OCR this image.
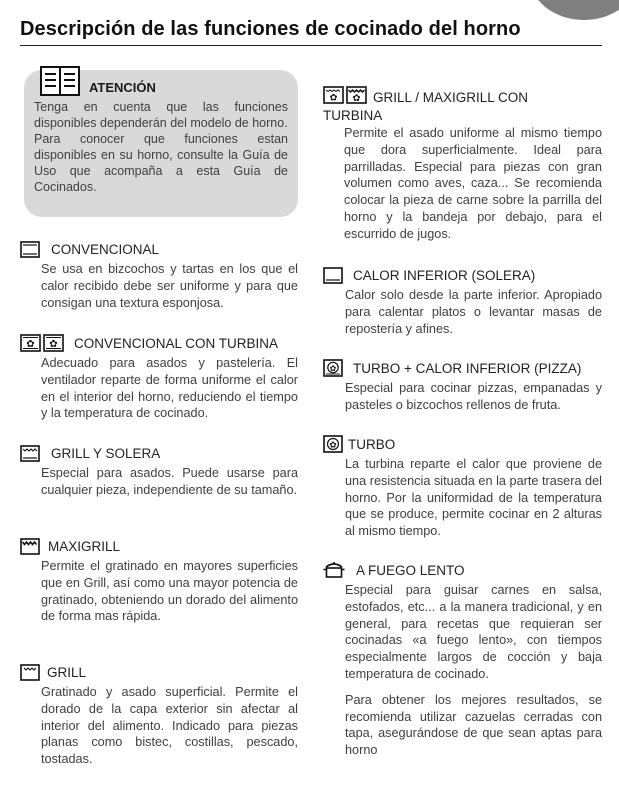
Descripción de las funciones de cocinado del horno
ATENCIÓN

Tenga en cuenta que las funciones disponibles dependerán del modelo de horno.

Para conocer que funciones estan disponibles en su horno, consulte la Guía de Uso que acompaña a esta Guía de Cocinados.

CONVENCIONAL
Se usa en bizcochos y tartas en los que el calor recibido debe ser uniforme y para que consigan una textura esponjosa.
✿ ✿ CONVENCIONAL CON TURBINA
Adecuado para asados y pastelería. El ventilador reparte de forma uniforme el calor en el interior del horno, reduciendo el tiempo y la temperatura de cocinado.
GRILL Y SOLERA
Especial para asados. Puede usarse para cualquier pieza, independiente de su tamaño.
MAXIGRILL
Permite el gratinado en mayores superficies que en Grill, así como una mayor potencia de gratinado, obteniendo un dorado del alimento de forma mas rápida.
GRILL
Gratinado y asado superficial. Permite el dorado de la capa exterior sin afectar al interior del alimento. Indicado para piezas planas como bistec, costillas, pescado, tostadas.
✿ ✿ GRILL / MAXIGRILL CON
TURBINA
Permite el asado uniforme al mismo tiempo que dora superficialmente. Ideal para parrilladas. Especial para piezas con gran volumen como aves, caza... Se recomienda colocar la pieza de carne sobre la parrilla del horno y la bandeja por debajo, para el escurrido de jugos.
CALOR INFERIOR (SOLERA)
Calor solo desde la parte inferior. Apropiado para calentar platos o levantar masas de repostería y afines.
✿ TURBO + CALOR INFERIOR (PIZZA)
Especial para cocinar pizzas, empanadas y pasteles o bizcochos rellenos de fruta.
✿ TURBO
La turbina reparte el calor que proviene de una resistencia situada en la parte trasera del horno. Por la uniformidad de la temperatura que se produce, permite cocinar en 2 alturas al mismo tiempo.
A FUEGO LENTO

Especial para guisar carnes en salsa, estofados, etc... a la manera tradicional, y en general, para recetas que requieran ser cocinadas «a fuego lento», con tiempos especialmente largos de cocción y baja temperatura de cocinado.

Para obtener los mejores resultados, se recomienda utilizar cazuelas cerradas con tapa, asegurándose de que sean aptas para horno
